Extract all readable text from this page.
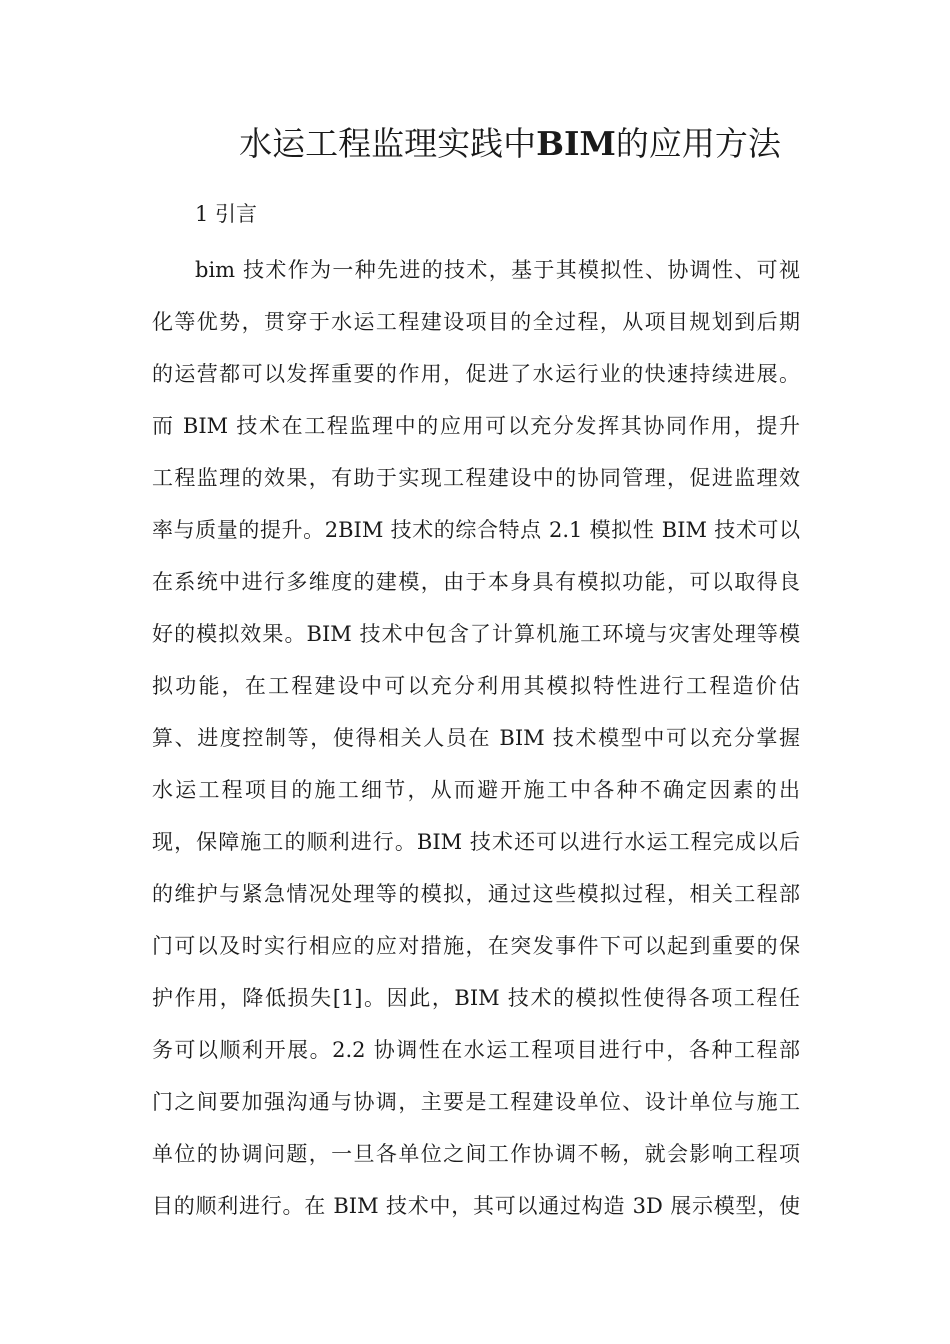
水运工程监理实践中BIM的应用方法
1 引言
bim 技术作为一种先进的技术，基于其模拟性、协调性、可视
化等优势，贯穿于水运工程建设项目的全过程，从项目规划到后期
的运营都可以发挥重要的作用，促进了水运行业的快速持续进展。
而 BIM 技术在工程监理中的应用可以充分发挥其协同作用，提升
工程监理的效果，有助于实现工程建设中的协同管理，促进监理效
率与质量的提升。2BIM 技术的综合特点 2.1 模拟性 BIM 技术可以
在系统中进行多维度的建模，由于本身具有模拟功能，可以取得良
好的模拟效果。BIM 技术中包含了计算机施工环境与灾害处理等模
拟功能，在工程建设中可以充分利用其模拟特性进行工程造价估
算、进度控制等，使得相关人员在 BIM 技术模型中可以充分掌握
水运工程项目的施工细节，从而避开施工中各种不确定因素的出
现，保障施工的顺利进行。BIM 技术还可以进行水运工程完成以后
的维护与紧急情况处理等的模拟，通过这些模拟过程，相关工程部
门可以及时实行相应的应对措施，在突发事件下可以起到重要的保
护作用，降低损失[1]。因此，BIM 技术的模拟性使得各项工程任
务可以顺利开展。2.2 协调性在水运工程项目进行中，各种工程部
门之间要加强沟通与协调，主要是工程建设单位、设计单位与施工
单位的协调问题，一旦各单位之间工作协调不畅，就会影响工程项
目的顺利进行。在 BIM 技术中，其可以通过构造 3D 展示模型，使
